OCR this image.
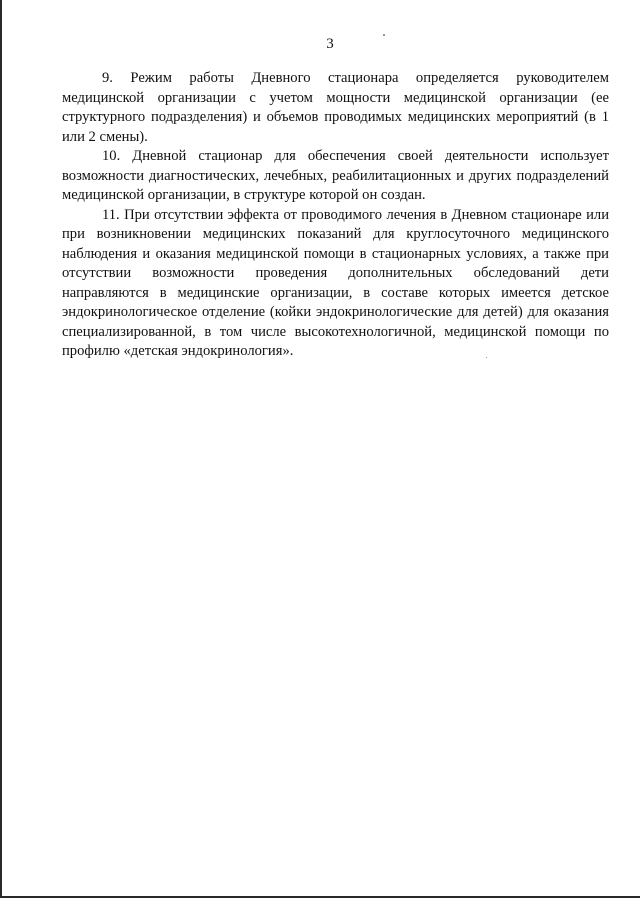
3

9. Режим работы Дневного стационара определяется руководителем медицинской организации с учетом мощности медицинской организации (ее структурного подразделения) и объемов проводимых медицинских мероприятий (в 1 или 2 смены).

10. Дневной стационар для обеспечения своей деятельности использует возможности диагностических, лечебных, реабилитационных и других подразделений медицинской организации, в структуре которой он создан.

11. При отсутствии эффекта от проводимого лечения в Дневном стационаре или при возникновении медицинских показаний для круглосуточного медицинского наблюдения и оказания медицинской помощи в стационарных условиях, а также при отсутствии возможности проведения дополнительных обследований дети направляются в медицинские организации, в составе которых имеется детское эндокринологическое отделение (койки эндокринологические для детей) для оказания специализированной, в том числе высокотехнологичной, медицинской помощи по профилю «детская эндокринология».
